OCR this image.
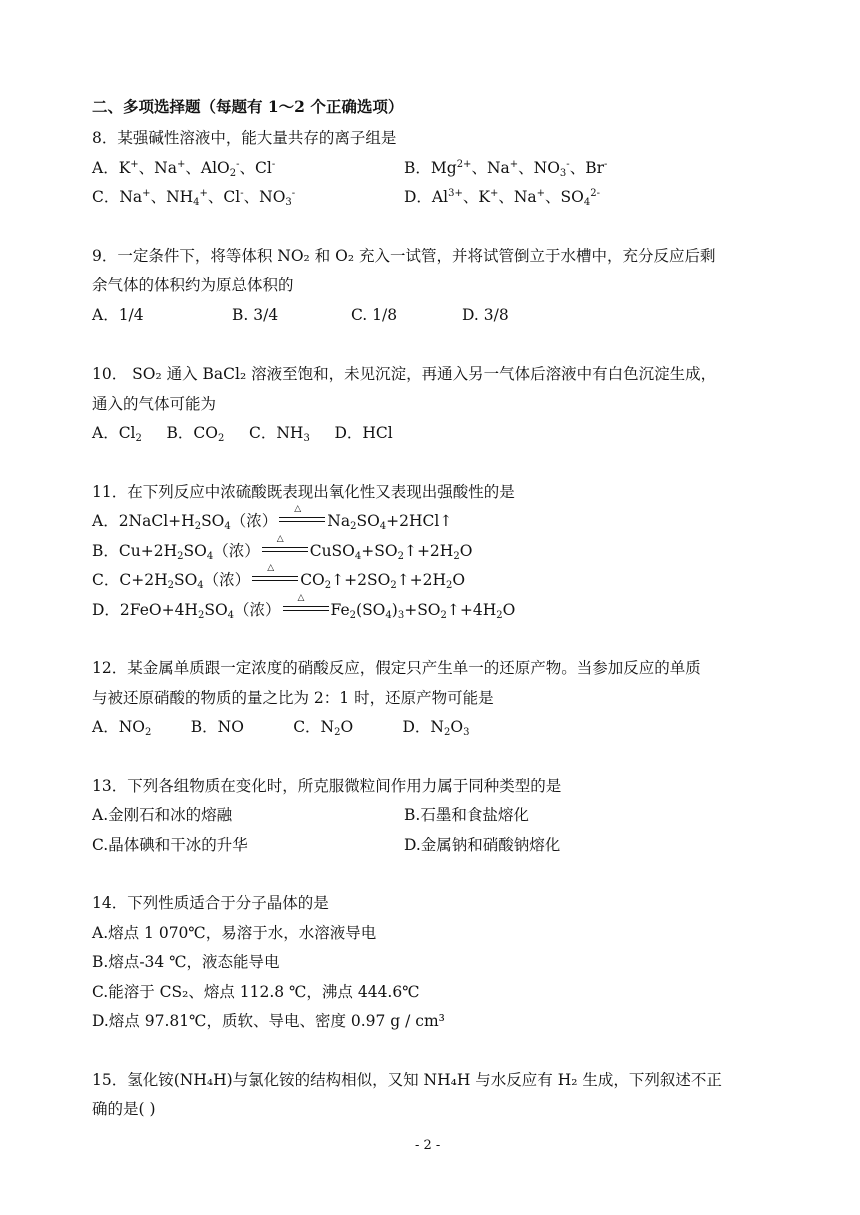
二、多项选择题（每题有 1～2 个正确选项）
8．某强碱性溶液中，能大量共存的离子组是
A．K+、Na+、AlO$_2$-、Cl-	B．$Mg^{2+}$、Na+、$NO_3^-$、Br-
C．Na+、$NH_4^+$、Cl-、$NO_3^-$	D．$Al^{3+}$、K+、Na+、$SO_4^{2-}$
9．一定条件下，将等体积 NO₂ 和 O₂ 充入一试管，并将试管倒立于水槽中，充分反应后剩
余气体的体积约为原总体积的
A．1/4	B. 3/4	C. 1/8	D. 3/8
10． SO₂ 通入 BaCl₂ 溶液至饱和，未见沉淀，再通入另一气体后溶液中有白色沉淀生成，
通入的气体可能为
A．$Cl_2$     B．$CO_2$     C．$NH_3$     D．HCl
11．在下列反应中浓硫酸既表现出氧化性又表现出强酸性的是
A．$2NaCl+H_2SO_4$（浓）
△
$Na_2SO_4+2HCl↑$
B．$Cu+2H_2SO_4$（浓）
△
$CuSO_4+SO_2↑+2H_2O$
C．$C+2H_2SO_4$（浓）
△
$CO_2↑+2SO_2↑+2H_2O$
D．$2FeO+4H_2SO_4$（浓）
△
$Fe_2(SO_4)_3+SO_2↑+4H_2O$
12．某金属单质跟一定浓度的硝酸反应，假定只产生单一的还原产物。当参加反应的单质
与被还原硝酸的物质的量之比为 2：1 时，还原产物可能是
A．$NO_2$        B．NO          C．$N_2O$          D．$N_2O_3$
13．下列各组物质在变化时，所克服微粒间作用力属于同种类型的是
A.金刚石和冰的熔融	B.石墨和食盐熔化
C.晶体碘和干冰的升华	D.金属钠和硝酸钠熔化
14．下列性质适合于分子晶体的是
A.熔点 1 070℃，易溶于水，水溶液导电
B.熔点-34 ℃，液态能导电
C.能溶于 CS₂、熔点 112.8 ℃，沸点 444.6℃
D.熔点 97.81℃，质软、导电、密度 0.97 g / cm³
15．氢化铵(NH₄H)与氯化铵的结构相似，又知 NH₄H 与水反应有 H₂ 生成，下列叙述不正
确的是( )
- 2 -
